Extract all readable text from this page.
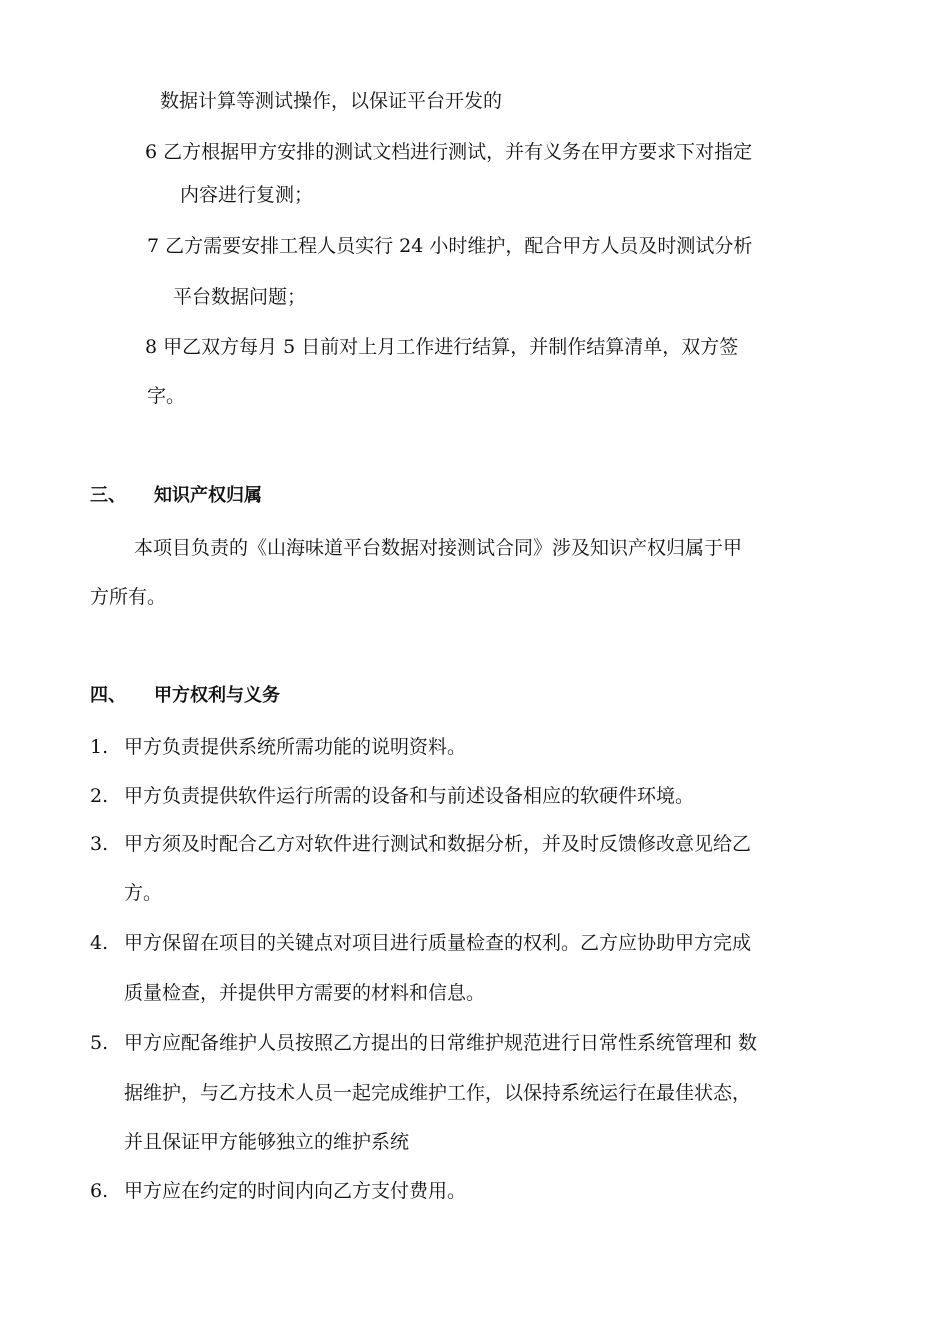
数据计算等测试操作，以保证平台开发的
6 乙方根据甲方安排的测试文档进行测试，并有义务在甲方要求下对指定
内容进行复测；
7 乙方需要安排工程人员实行 24 小时维护，配合甲方人员及时测试分析
平台数据问题；
8 甲乙双方每月 5 日前对上月工作进行结算，并制作结算清单，双方签
字。
三、 知识产权归属
本项目负责的《山海味道平台数据对接测试合同》涉及知识产权归属于甲
方所有。
四、 甲方权利与义务
1. 甲方负责提供系统所需功能的说明资料。
2. 甲方负责提供软件运行所需的设备和与前述设备相应的软硬件环境。
3. 甲方须及时配合乙方对软件进行测试和数据分析，并及时反馈修改意见给乙
方。
4. 甲方保留在项目的关键点对项目进行质量检查的权利。乙方应协助甲方完成
质量检查，并提供甲方需要的材料和信息。
5. 甲方应配备维护人员按照乙方提出的日常维护规范进行日常性系统管理和 数
据维护，与乙方技术人员一起完成维护工作，以保持系统运行在最佳状态，
并且保证甲方能够独立的维护系统
6. 甲方应在约定的时间内向乙方支付费用。
